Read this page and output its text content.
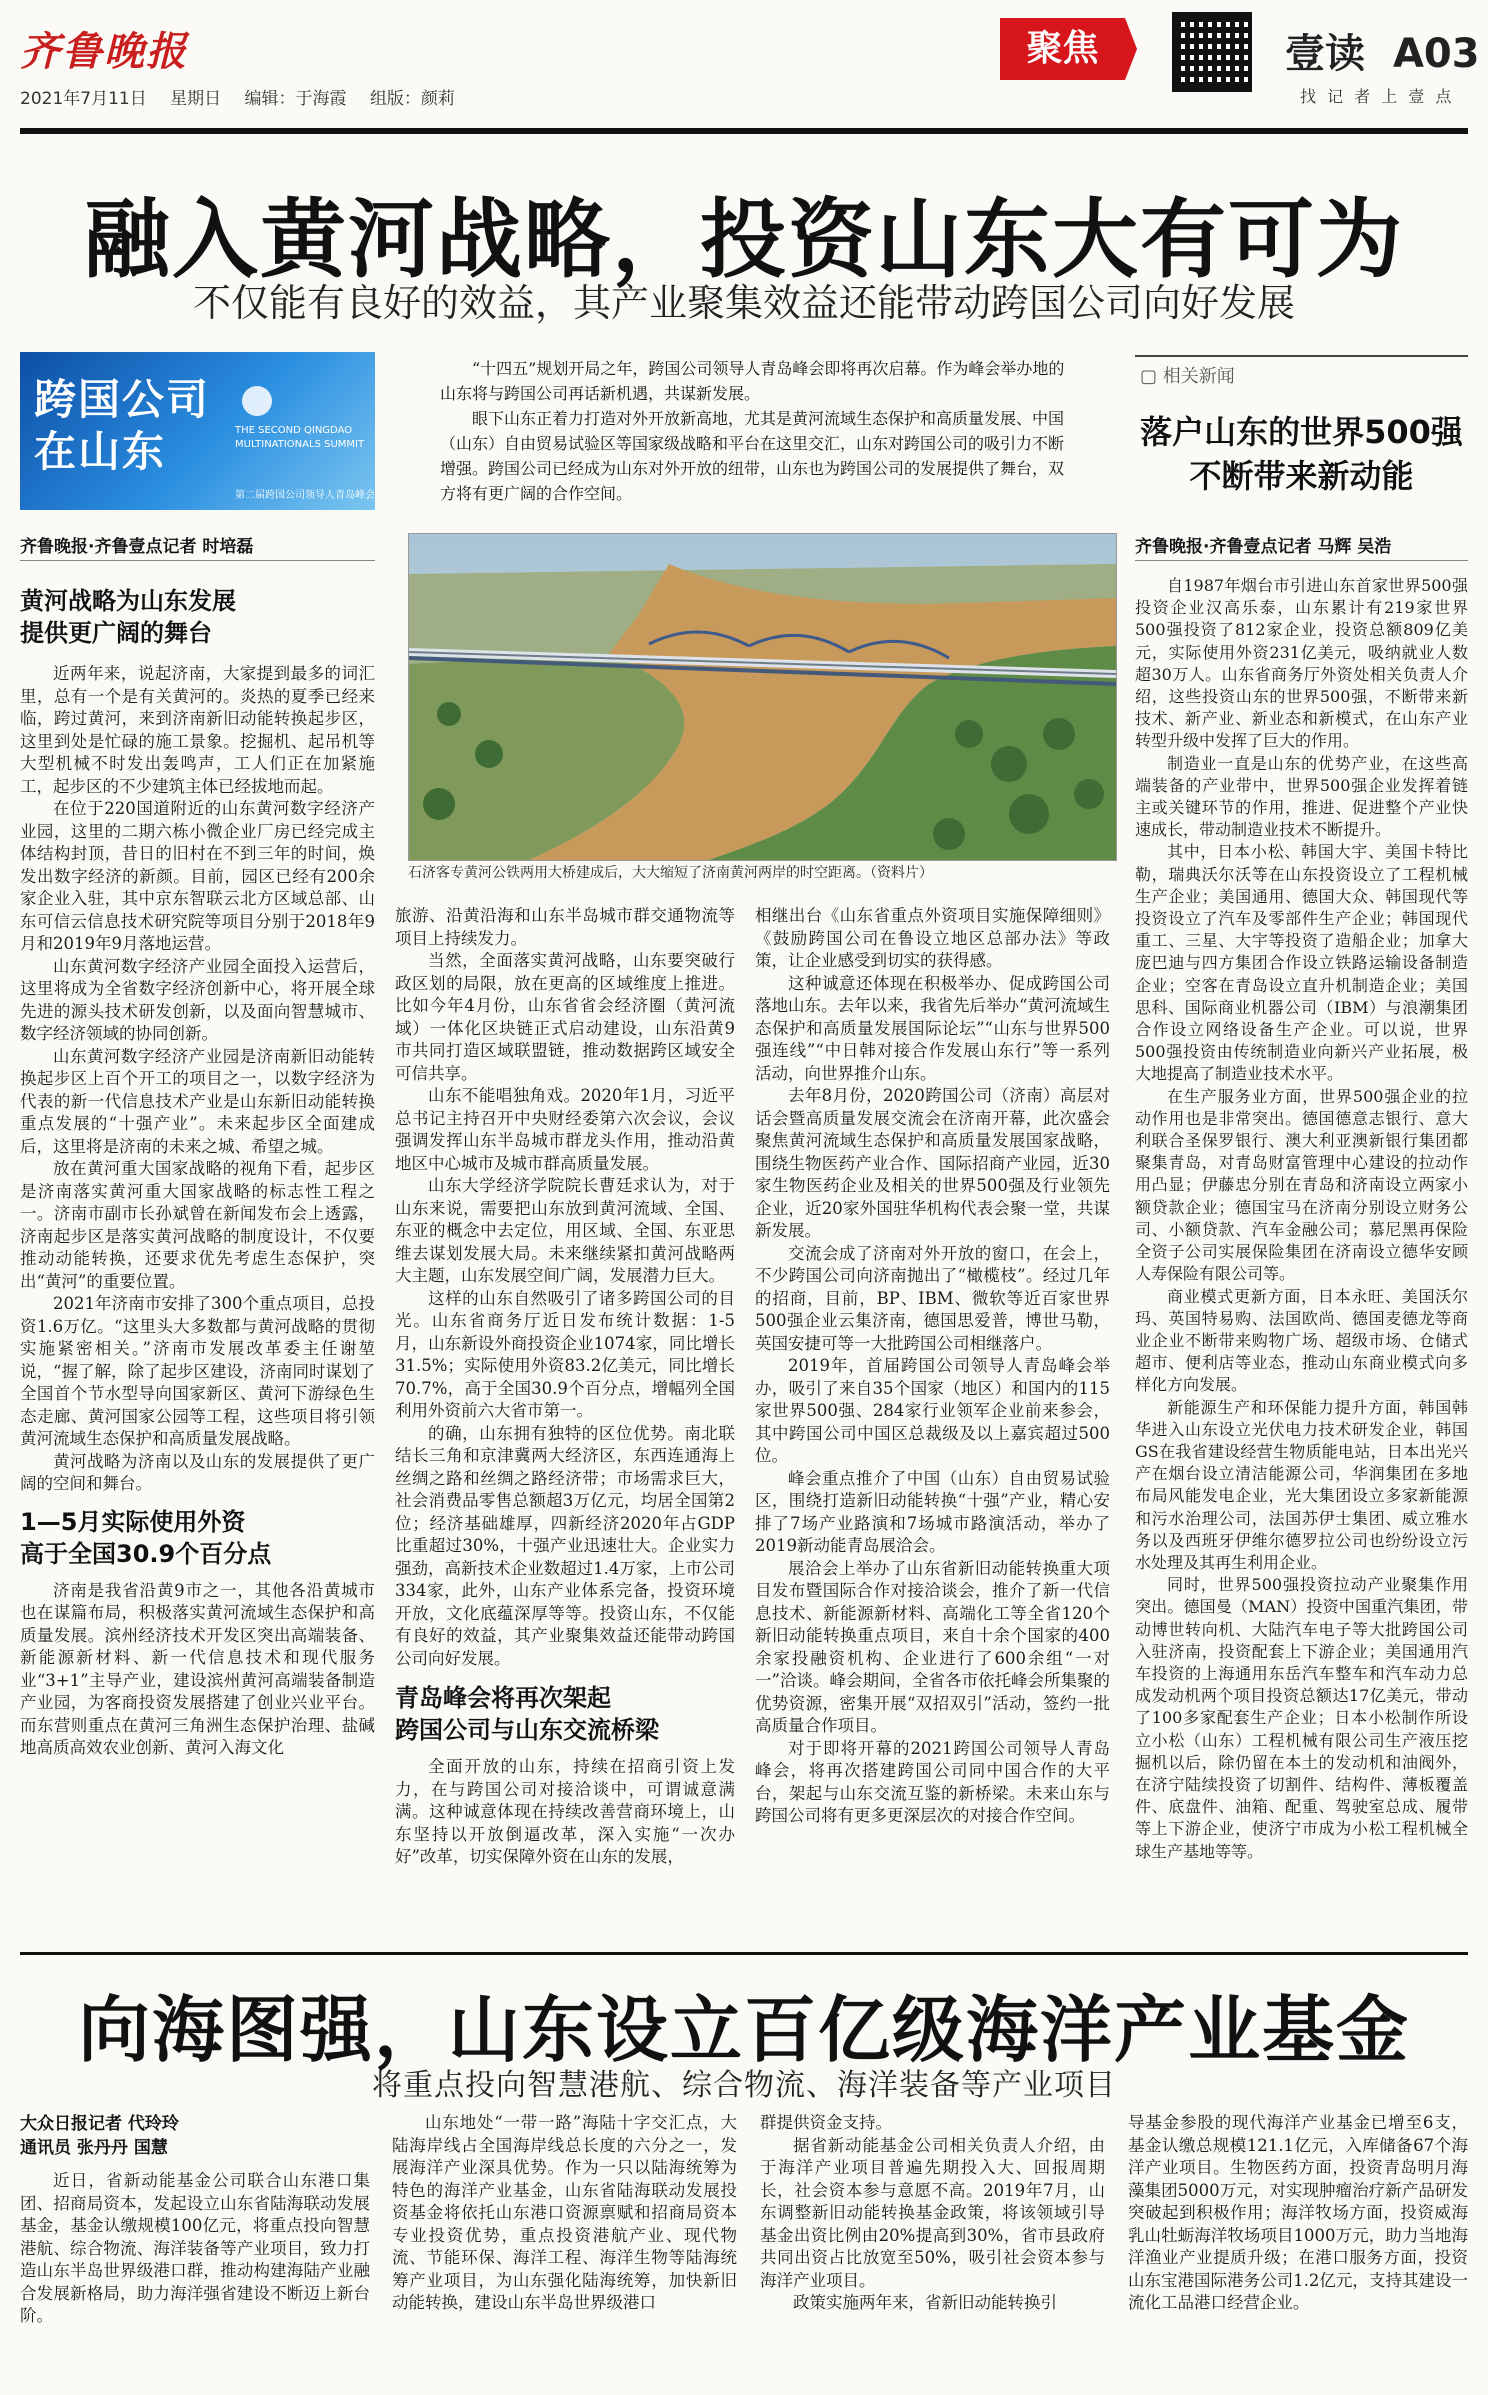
齐鲁晚报
2021年7月11日 星期日 编辑：于海霞 组版：颜莉
聚焦	壹读 A03
找 记 者 上 壹 点
融入黄河战略，投资山东大有可为
不仅能有良好的效益，其产业聚集效益还能带动跨国公司向好发展
跨国公司
在山东	THE SECOND QINGDAO MULTINATIONALS SUMMIT
第二届跨国公司领导人青岛峰会

“十四五”规划开局之年，跨国公司领导人青岛峰会即将再次启幕。作为峰会举办地的山东将与跨国公司再话新机遇，共谋新发展。

眼下山东正着力打造对外开放新高地，尤其是黄河流域生态保护和高质量发展、中国（山东）自由贸易试验区等国家级战略和平台在这里交汇，山东对跨国公司的吸引力不断增强。跨国公司已经成为山东对外开放的纽带，山东也为跨国公司的发展提供了舞台，双方将有更广阔的合作空间。

齐鲁晚报·齐鲁壹点记者 时培磊
石济客专黄河公铁两用大桥建成后，大大缩短了济南黄河两岸的时空距离。（资料片）
黄河战略为山东发展
提供更广阔的舞台

近两年来，说起济南，大家提到最多的词汇里，总有一个是有关黄河的。炎热的夏季已经来临，跨过黄河，来到济南新旧动能转换起步区，这里到处是忙碌的施工景象。挖掘机、起吊机等大型机械不时发出轰鸣声，工人们正在加紧施工，起步区的不少建筑主体已经拔地而起。

在位于220国道附近的山东黄河数字经济产业园，这里的二期六栋小微企业厂房已经完成主体结构封顶，昔日的旧村在不到三年的时间，焕发出数字经济的新颜。目前，园区已经有200余家企业入驻，其中京东智联云北方区域总部、山东可信云信息技术研究院等项目分别于2018年9月和2019年9月落地运营。

山东黄河数字经济产业园全面投入运营后，这里将成为全省数字经济创新中心，将开展全球先进的源头技术研发创新，以及面向智慧城市、数字经济领域的协同创新。

山东黄河数字经济产业园是济南新旧动能转换起步区上百个开工的项目之一，以数字经济为代表的新一代信息技术产业是山东新旧动能转换重点发展的“十强产业”。未来起步区全面建成后，这里将是济南的未来之城、希望之城。

放在黄河重大国家战略的视角下看，起步区是济南落实黄河重大国家战略的标志性工程之一。济南市副市长孙斌曾在新闻发布会上透露，济南起步区是落实黄河战略的制度设计，不仅要推动动能转换，还要求优先考虑生态保护，突出“黄河”的重要位置。

2021年济南市安排了300个重点项目，总投资1.6万亿。“这里头大多数都与黄河战略的贯彻实施紧密相关。”济南市发展改革委主任谢堃说，“握了解，除了起步区建设，济南同时谋划了全国首个节水型导向国家新区、黄河下游绿色生态走廊、黄河国家公园等工程，这些项目将引领黄河流域生态保护和高质量发展战略。

黄河战略为济南以及山东的发展提供了更广阔的空间和舞台。

1—5月实际使用外资
高于全国30.9个百分点

济南是我省沿黄9市之一，其他各沿黄城市也在谋篇布局，积极落实黄河流域生态保护和高质量发展。滨州经济技术开发区突出高端装备、新能源新材料、新一代信息技术和现代服务业“3+1”主导产业，建设滨州黄河高端装备制造产业园，为客商投资发展搭建了创业兴业平台。而东营则重点在黄河三角洲生态保护治理、盐碱地高质高效农业创新、黄河入海文化

旅游、沿黄沿海和山东半岛城市群交通物流等项目上持续发力。

当然，全面落实黄河战略，山东要突破行政区划的局限，放在更高的区域维度上推进。比如今年4月份，山东省省会经济圈（黄河流域）一体化区块链正式启动建设，山东沿黄9市共同打造区域联盟链，推动数据跨区域安全可信共享。

山东不能唱独角戏。2020年1月，习近平总书记主持召开中央财经委第六次会议，会议强调发挥山东半岛城市群龙头作用，推动沿黄地区中心城市及城市群高质量发展。

山东大学经济学院院长曹廷求认为，对于山东来说，需要把山东放到黄河流域、全国、东亚的概念中去定位，用区域、全国、东亚思维去谋划发展大局。未来继续紧扣黄河战略两大主题，山东发展空间广阔，发展潜力巨大。

这样的山东自然吸引了诸多跨国公司的目光。山东省商务厅近日发布统计数据：1-5月，山东新设外商投资企业1074家，同比增长31.5%；实际使用外资83.2亿美元，同比增长70.7%，高于全国30.9个百分点，增幅列全国利用外资前六大省市第一。

的确，山东拥有独特的区位优势。南北联结长三角和京津冀两大经济区，东西连通海上丝绸之路和丝绸之路经济带；市场需求巨大，社会消费品零售总额超3万亿元，均居全国第2位；经济基础雄厚，四新经济2020年占GDP比重超过30%，十强产业迅速壮大。企业实力强劲，高新技术企业数超过1.4万家，上市公司334家，此外，山东产业体系完备，投资环境开放，文化底蕴深厚等等。投资山东，不仅能有良好的效益，其产业聚集效益还能带动跨国公司向好发展。

青岛峰会将再次架起
跨国公司与山东交流桥梁

全面开放的山东，持续在招商引资上发力，在与跨国公司对接洽谈中，可谓诚意满满。这种诚意体现在持续改善营商环境上，山东坚持以开放倒逼改革，深入实施“一次办好”改革，切实保障外资在山东的发展，

相继出台《山东省重点外资项目实施保障细则》《鼓励跨国公司在鲁设立地区总部办法》等政策，让企业感受到切实的获得感。

这种诚意还体现在积极举办、促成跨国公司落地山东。去年以来，我省先后举办“黄河流域生态保护和高质量发展国际论坛”“山东与世界500强连线”“中日韩对接合作发展山东行”等一系列活动，向世界推介山东。

去年8月份，2020跨国公司（济南）高层对话会暨高质量发展交流会在济南开幕，此次盛会聚焦黄河流域生态保护和高质量发展国家战略，围绕生物医药产业合作、国际招商产业园，近30家生物医药企业及相关的世界500强及行业领先企业，近20家外国驻华机构代表会聚一堂，共谋新发展。

交流会成了济南对外开放的窗口，在会上，不少跨国公司向济南抛出了“橄榄枝”。经过几年的招商，目前，BP、IBM、微软等近百家世界500强企业云集济南，德国思爱普，博世马勒，英国安捷可等一大批跨国公司相继落户。

2019年，首届跨国公司领导人青岛峰会举办，吸引了来自35个国家（地区）和国内的115家世界500强、284家行业领军企业前来参会，其中跨国公司中国区总裁级及以上嘉宾超过500位。

峰会重点推介了中国（山东）自由贸易试验区，围绕打造新旧动能转换“十强”产业，精心安排了7场产业路演和7场城市路演活动，举办了2019新动能青岛展洽会。

展洽会上举办了山东省新旧动能转换重大项目发布暨国际合作对接洽谈会，推介了新一代信息技术、新能源新材料、高端化工等全省120个新旧动能转换重点项目，来自十余个国家的400余家投融资机构、企业进行了600余组“一对一”洽谈。峰会期间，全省各市依托峰会所集聚的优势资源，密集开展“双招双引”活动，签约一批高质量合作项目。

对于即将开幕的2021跨国公司领导人青岛峰会，将再次搭建跨国公司同中国合作的大平台，架起与山东交流互鉴的新桥梁。未来山东与跨国公司将有更多更深层次的对接合作空间。

▢ 相关新闻
落户山东的世界500强
不断带来新动能
齐鲁晚报·齐鲁壹点记者 马辉 吴浩

自1987年烟台市引进山东首家世界500强投资企业汉高乐泰，山东累计有219家世界500强投资了812家企业，投资总额809亿美元，实际使用外资231亿美元，吸纳就业人数超30万人。山东省商务厅外资处相关负责人介绍，这些投资山东的世界500强，不断带来新技术、新产业、新业态和新模式，在山东产业转型升级中发挥了巨大的作用。

制造业一直是山东的优势产业，在这些高端装备的产业带中，世界500强企业发挥着链主或关键环节的作用，推进、促进整个产业快速成长，带动制造业技术不断提升。

其中，日本小松、韩国大宇、美国卡特比勒，瑞典沃尔沃等在山东投资设立了工程机械生产企业；美国通用、德国大众、韩国现代等投资设立了汽车及零部件生产企业；韩国现代重工、三星、大宇等投资了造船企业；加拿大庞巴迪与四方集团合作设立铁路运输设备制造企业；空客在青岛设立直升机制造企业；美国思科、国际商业机器公司（IBM）与浪潮集团合作设立网络设备生产企业。可以说，世界500强投资由传统制造业向新兴产业拓展，极大地提高了制造业技术水平。

在生产服务业方面，世界500强企业的拉动作用也是非常突出。德国德意志银行、意大利联合圣保罗银行、澳大利亚澳新银行集团都聚集青岛，对青岛财富管理中心建设的拉动作用凸显；伊藤忠分别在青岛和济南设立两家小额贷款企业；德国宝马在济南分别设立财务公司、小额贷款、汽车金融公司；慕尼黑再保险全资子公司实展保险集团在济南设立德华安顾人寿保险有限公司等。

商业模式更新方面，日本永旺、美国沃尔玛、英国特易购、法国欧尚、德国麦德龙等商业企业不断带来购物广场、超级市场、仓储式超市、便利店等业态，推动山东商业模式向多样化方向发展。

新能源生产和环保能力提升方面，韩国韩华进入山东设立光伏电力技术研发企业，韩国GS在我省建设经营生物质能电站，日本出光兴产在烟台设立清洁能源公司，华润集团在多地布局风能发电企业，光大集团设立多家新能源和污水治理公司，法国苏伊士集团、威立雅水务以及西班牙伊维尔德罗拉公司也纷纷设立污水处理及其再生利用企业。

同时，世界500强投资拉动产业聚集作用突出。德国曼（MAN）投资中国重汽集团，带动博世转向机、大陆汽车电子等大批跨国公司入驻济南，投资配套上下游企业；美国通用汽车投资的上海通用东岳汽车整车和汽车动力总成发动机两个项目投资总额达17亿美元，带动了100多家配套生产企业；日本小松制作所设立小松（山东）工程机械有限公司生产液压挖掘机以后，除仍留在本土的发动机和油阀外，在济宁陆续投资了切割件、结构件、薄板覆盖件、底盘件、油箱、配重、驾驶室总成、履带等上下游企业，使济宁市成为小松工程机械全球生产基地等等。

向海图强，山东设立百亿级海洋产业基金
将重点投向智慧港航、综合物流、海洋装备等产业项目
大众日报记者 代玲玲
通讯员 张丹丹 国慧

近日，省新动能基金公司联合山东港口集团、招商局资本，发起设立山东省陆海联动发展基金，基金认缴规模100亿元，将重点投向智慧港航、综合物流、海洋装备等产业项目，致力打造山东半岛世界级港口群，推动构建海陆产业融合发展新格局，助力海洋强省建设不断迈上新台阶。

山东地处“一带一路”海陆十字交汇点，大陆海岸线占全国海岸线总长度的六分之一，发展海洋产业深具优势。作为一只以陆海统筹为特色的海洋产业基金，山东省陆海联动发展投资基金将依托山东港口资源禀赋和招商局资本专业投资优势，重点投资港航产业、现代物流、节能环保、海洋工程、海洋生物等陆海统筹产业项目，为山东强化陆海统筹，加快新旧动能转换，建设山东半岛世界级港口

群提供资金支持。

据省新动能基金公司相关负责人介绍，由于海洋产业项目普遍先期投入大、回报周期长，社会资本参与意愿不高。2019年7月，山东调整新旧动能转换基金政策，将该领域引导基金出资比例由20%提高到30%，省市县政府共同出资占比放宽至50%，吸引社会资本参与海洋产业项目。

政策实施两年来，省新旧动能转换引

导基金参股的现代海洋产业基金已增至6支，基金认缴总规模121.1亿元，入库储备67个海洋产业项目。生物医药方面，投资青岛明月海藻集团5000万元，对实现肿瘤治疗新产品研发突破起到积极作用；海洋牧场方面，投资威海乳山牡蛎海洋牧场项目1000万元，助力当地海洋渔业产业提质升级；在港口服务方面，投资山东宝港国际港务公司1.2亿元，支持其建设一流化工品港口经营企业。
